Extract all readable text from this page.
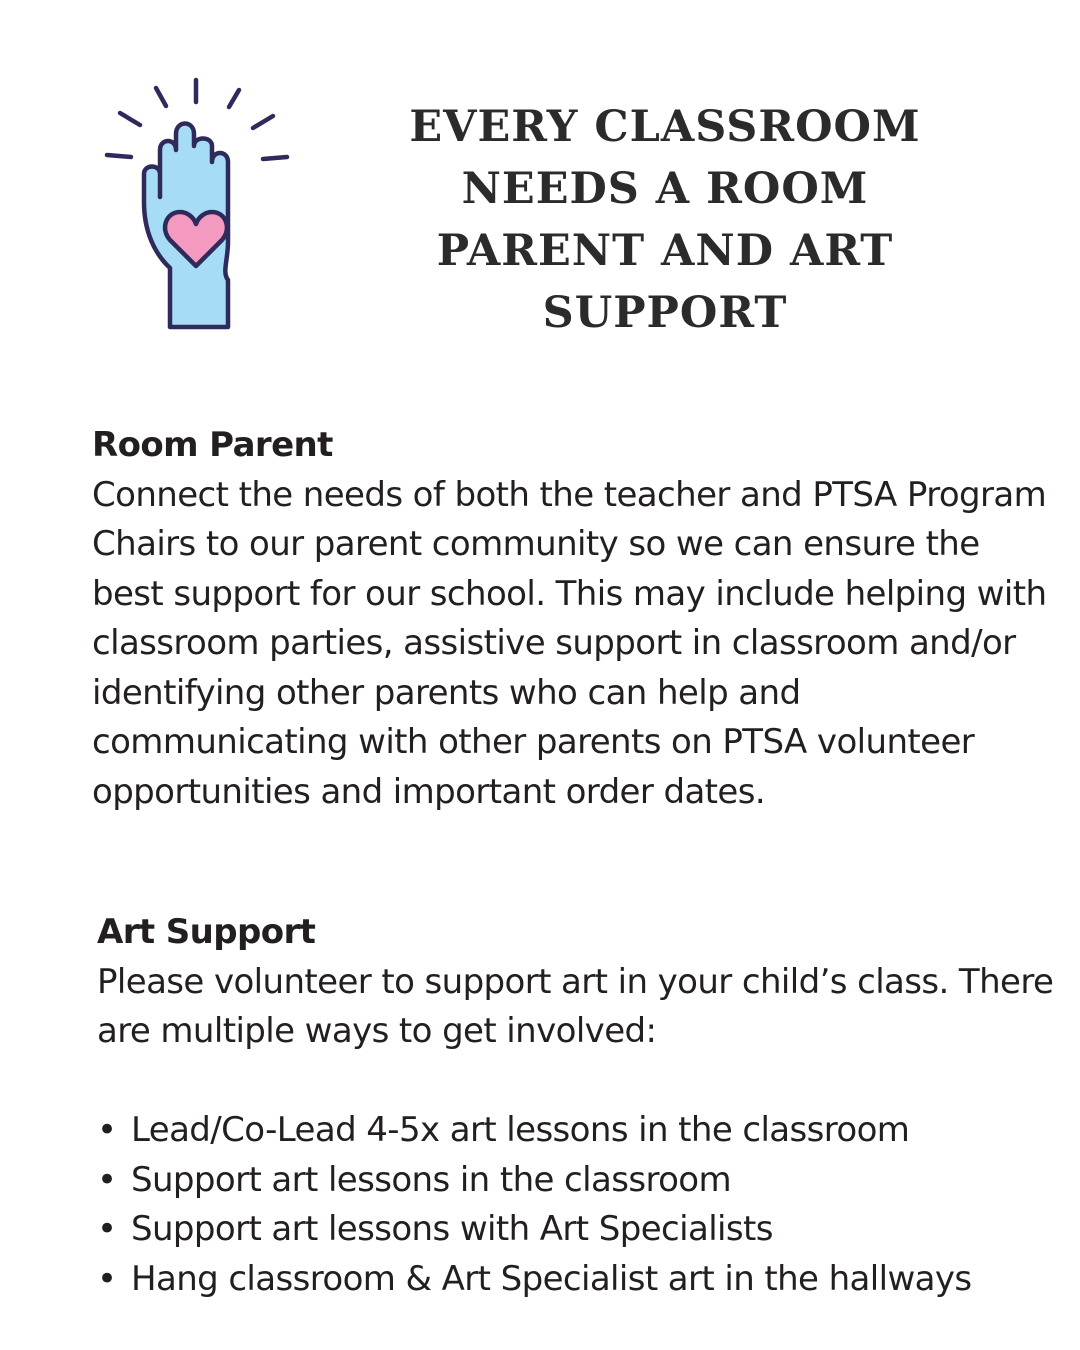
EVERY CLASSROOM
NEEDS A ROOM
PARENT AND ART
SUPPORT

Room Parent

Connect the needs of both the teacher and PTSA Program Chairs to our parent community so we can ensure the best support for our school. This may include helping with classroom parties, assistive support in classroom and/or identifying other parents who can help and communicating with other parents on PTSA volunteer opportunities and important order dates.

Art Support

Please volunteer to support art in your child’s class. There are multiple ways to get involved:

• Lead/Co-Lead 4-5x art lessons in the classroom
• Support art lessons in the classroom
• Support art lessons with Art Specialists
• Hang classroom & Art Specialist art in the hallways
